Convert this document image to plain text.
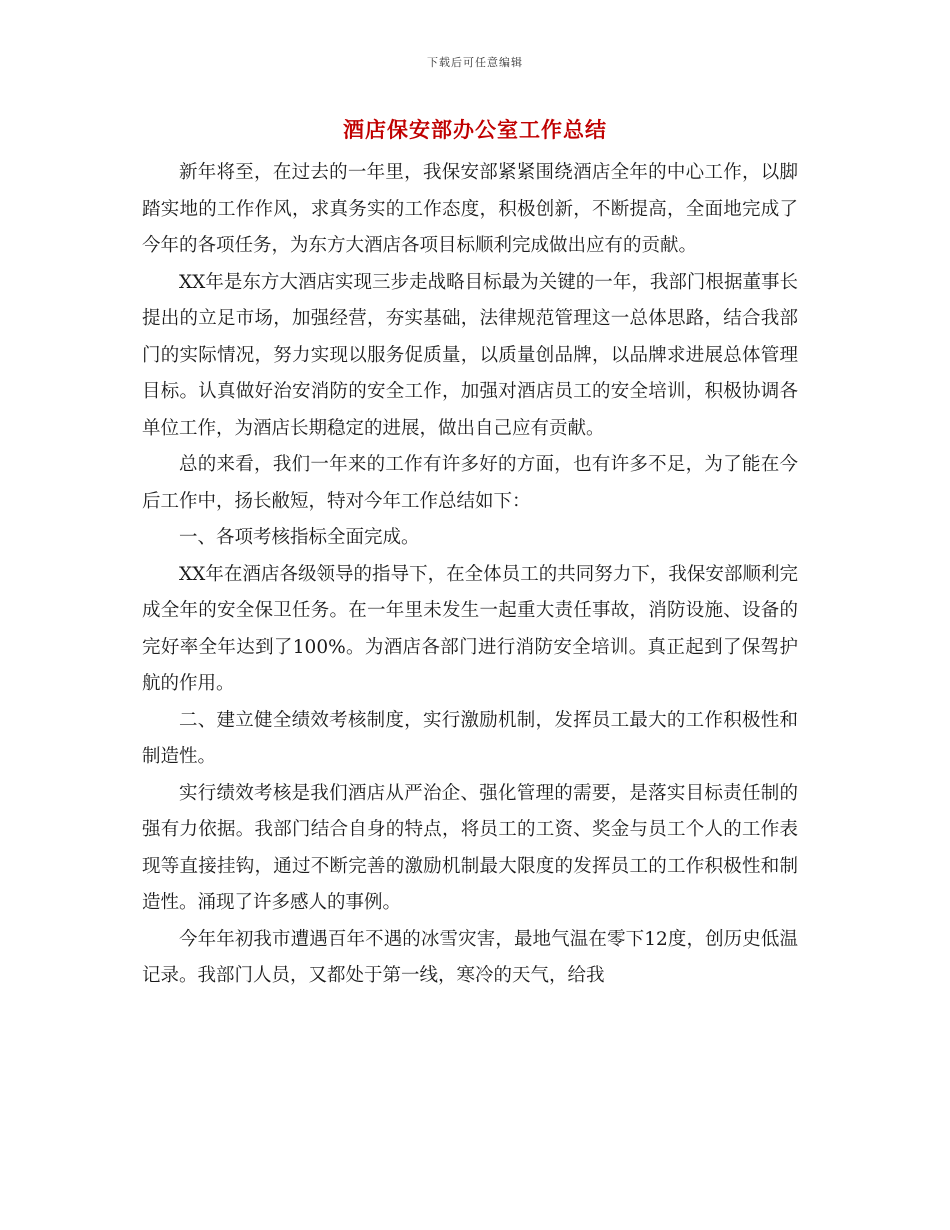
下载后可任意编辑
酒店保安部办公室工作总结

新年将至，在过去的一年里，我保安部紧紧围绕酒店全年的中心工作，以脚踏实地的工作作风，求真务实的工作态度，积极创新，不断提高，全面地完成了今年的各项任务，为东方大酒店各项目标顺利完成做出应有的贡献。

XX年是东方大酒店实现三步走战略目标最为关键的一年，我部门根据董事长提出的立足市场，加强经营，夯实基础，法律规范管理这一总体思路，结合我部门的实际情况，努力实现以服务促质量，以质量创品牌，以品牌求进展总体管理目标。认真做好治安消防的安全工作，加强对酒店员工的安全培训，积极协调各单位工作，为酒店长期稳定的进展，做出自己应有贡献。

总的来看，我们一年来的工作有许多好的方面，也有许多不足，为了能在今后工作中，扬长敝短，特对今年工作总结如下：

一、各项考核指标全面完成。

XX年在酒店各级领导的指导下，在全体员工的共同努力下，我保安部顺利完成全年的安全保卫任务。在一年里未发生一起重大责任事故，消防设施、设备的完好率全年达到了100%。为酒店各部门进行消防安全培训。真正起到了保驾护航的作用。

二、建立健全绩效考核制度，实行激励机制，发挥员工最大的工作积极性和制造性。

实行绩效考核是我们酒店从严治企、强化管理的需要，是落实目标责任制的强有力依据。我部门结合自身的特点，将员工的工资、奖金与员工个人的工作表现等直接挂钩，通过不断完善的激励机制最大限度的发挥员工的工作积极性和制造性。涌现了许多感人的事例。

今年年初我市遭遇百年不遇的冰雪灾害，最地气温在零下12度，创历史低温记录。我部门人员，又都处于第一线，寒冷的天气，给我
